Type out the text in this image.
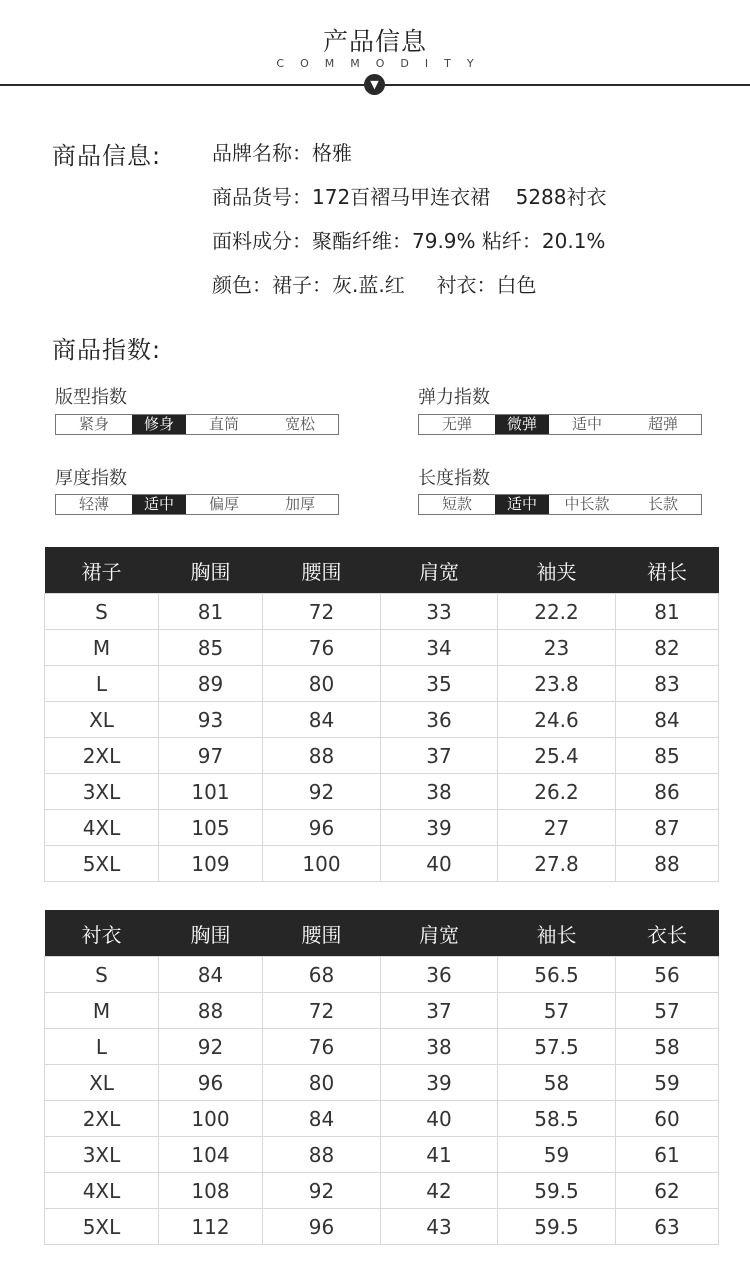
产品信息
COMMODITY
▼
商品信息:	品牌名称：格雅
商品货号：172百褶马甲连衣裙    5288衬衣
面料成分：聚酯纤维：79.9% 粘纤：20.1%
颜色：裙子：灰.蓝.红     衬衣：白色
商品指数:
版型指数
紧身	修身	直筒	宽松
弹力指数
无弹	微弹	适中	超弹
厚度指数
轻薄	适中	偏厚	加厚
长度指数
短款	适中	中长款	长款
裙子	胸围	腰围	肩宽	袖夹	裙长
S	81	72	33	22.2	81
M	85	76	34	23	82
L	89	80	35	23.8	83
XL	93	84	36	24.6	84
2XL	97	88	37	25.4	85
3XL	101	92	38	26.2	86
4XL	105	96	39	27	87
5XL	109	100	40	27.8	88
衬衣	胸围	腰围	肩宽	袖长	衣长
S	84	68	36	56.5	56
M	88	72	37	57	57
L	92	76	38	57.5	58
XL	96	80	39	58	59
2XL	100	84	40	58.5	60
3XL	104	88	41	59	61
4XL	108	92	42	59.5	62
5XL	112	96	43	59.5	63
